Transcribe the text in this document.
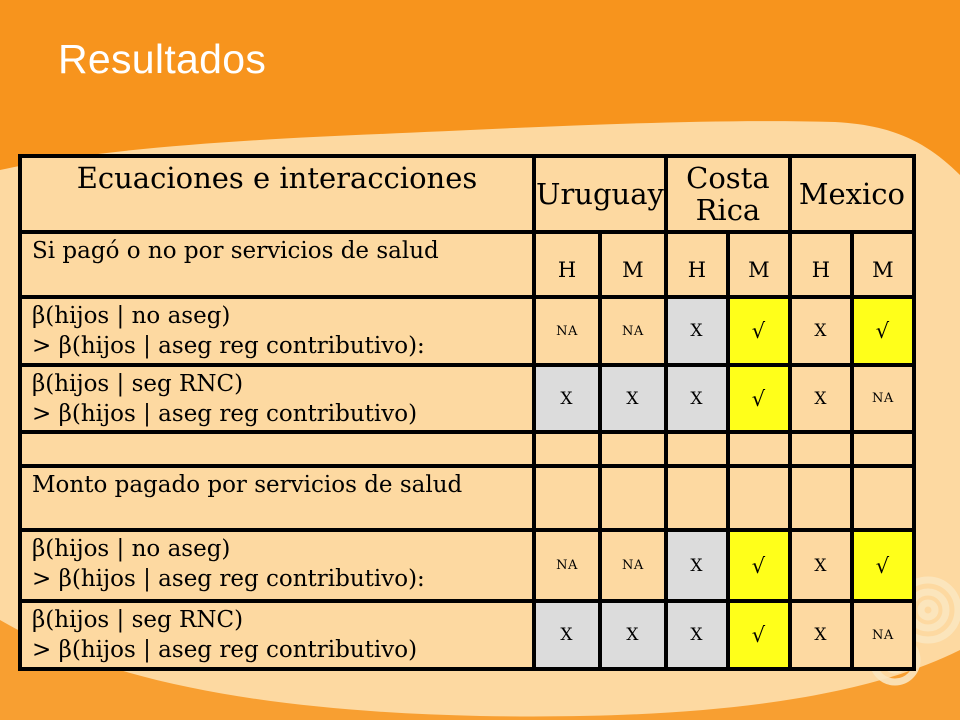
Resultados
Ecuaciones e interacciones	Uruguay		Costa Rica		Mexico	
Si pagó o no por servicios de salud	H	M	H	M	H	M

β(hijos | no aseg)
> β(hijos | aseg reg contributivo):	NA	NA	X	√	X	√

β(hijos | seg RNC)
> β(hijos | aseg reg contributivo)	X	X	X	√	X	NA

Monto pagado por servicios de salud						

β(hijos | no aseg)
> β(hijos | aseg reg contributivo):	NA	NA	X	√	X	√

β(hijos | seg RNC)
> β(hijos | aseg reg contributivo)	X	X	X	√	X	NA
